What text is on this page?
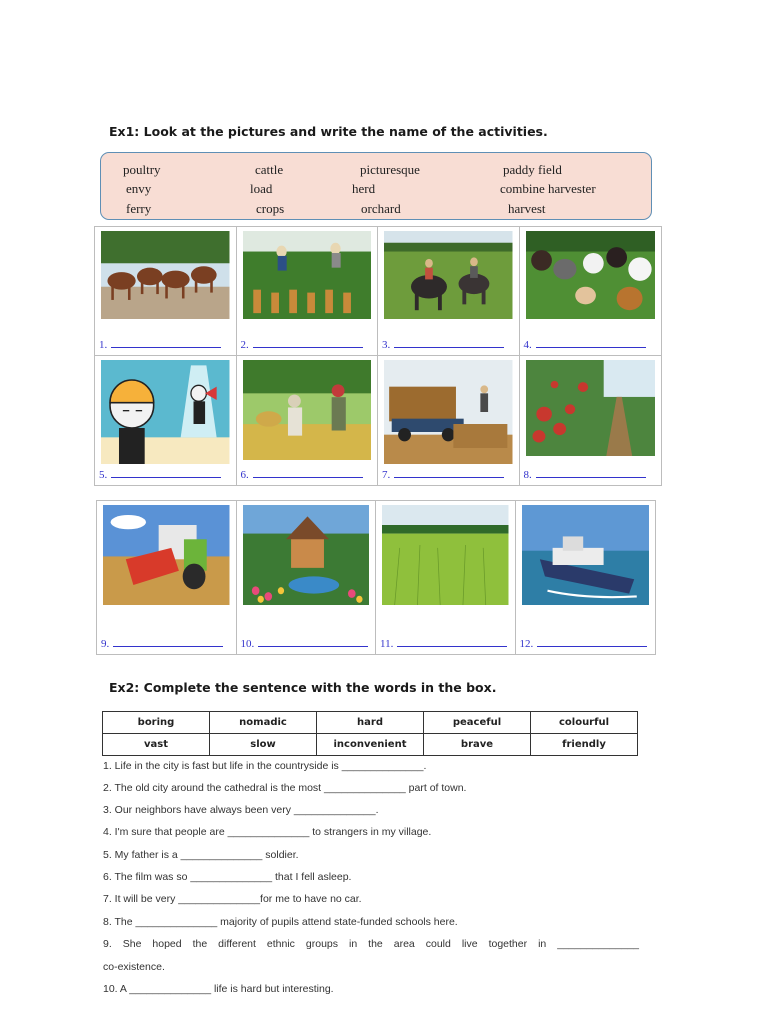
Ex1: Look at the pictures and write the name of the activities.
poultry	cattle	picturesque	paddy field
envy	load	herd	combine harvester
ferry	crops	orchard	harvest
1.	2.	3.	4.
5.	6.	7.	8.
9.	10.	11.	12.
Ex2: Complete the sentence with the words in the box.
boring	nomadic	hard	peaceful	colourful
vast	slow	inconvenient	brave	friendly
1. Life in the city is fast but life in the countryside is ______________.
2. The old city around the cathedral is the most ______________ part of town.
3. Our neighbors have always been very ______________.
4. I'm sure that people are ______________ to strangers in my village.
5. My father is a ______________ soldier.
6. The film was so ______________ that I fell asleep.
7. It will be very ______________for me to have no car.
8. The ______________ majority of pupils attend state-funded schools here.
9. She hoped the different ethnic groups in the area could live together in ______________
co-existence.
10. A ______________ life is hard but interesting.
